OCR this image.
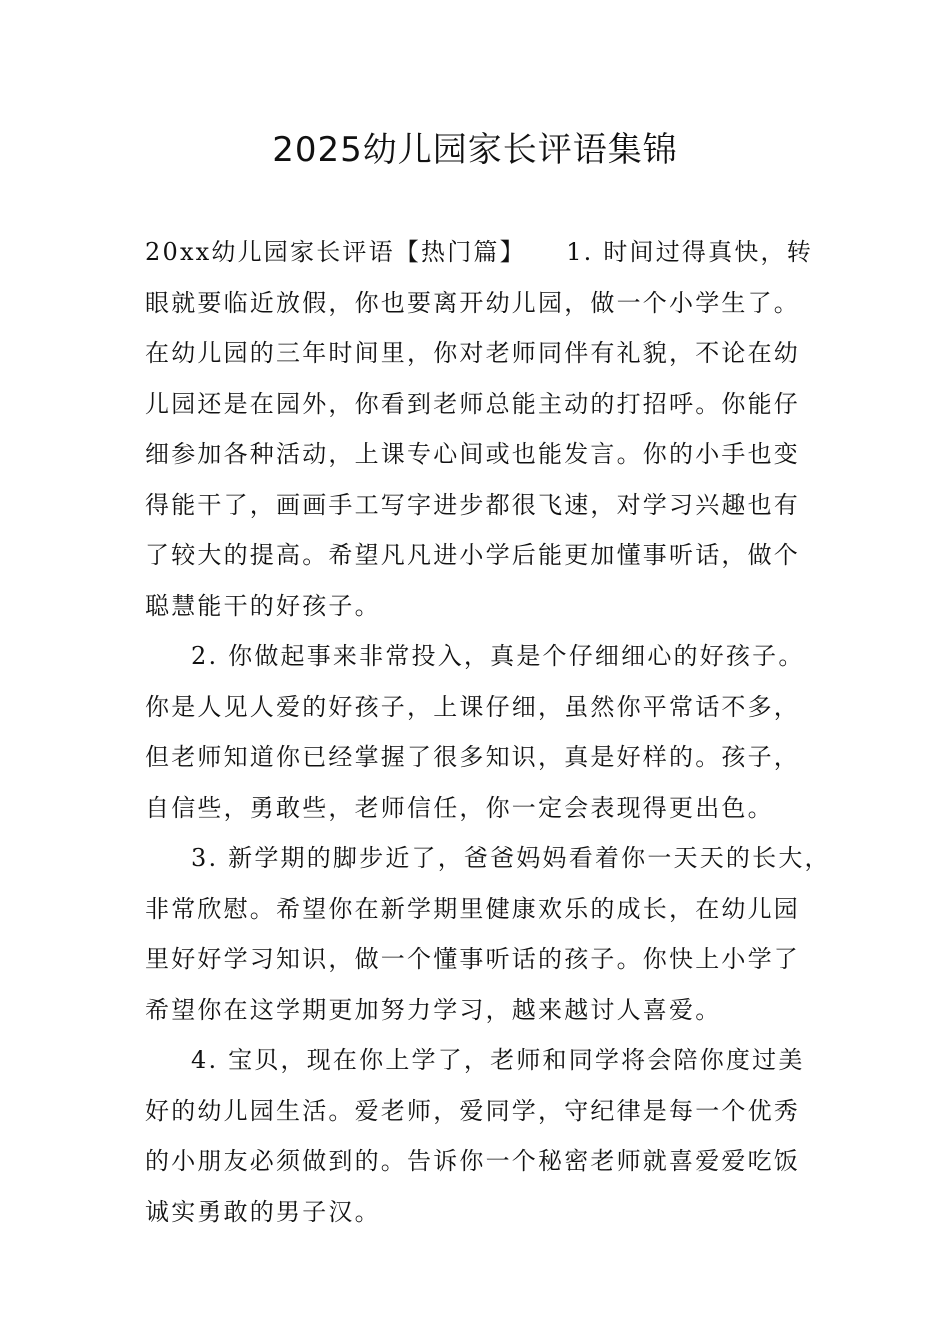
2025幼儿园家长评语集锦
20xx幼儿园家长评语【热门篇】　　1. 时间过得真快，转
眼就要临近放假，你也要离开幼儿园，做一个小学生了。
在幼儿园的三年时间里，你对老师同伴有礼貌，不论在幼
儿园还是在园外，你看到老师总能主动的打招呼。你能仔
细参加各种活动，上课专心间或也能发言。你的小手也变
得能干了，画画手工写字进步都很飞速，对学习兴趣也有
了较大的提高。希望凡凡进小学后能更加懂事听话，做个
聪慧能干的好孩子。
2. 你做起事来非常投入，真是个仔细细心的好孩子。
你是人见人爱的好孩子，上课仔细，虽然你平常话不多，
但老师知道你已经掌握了很多知识，真是好样的。孩子，
自信些，勇敢些，老师信任，你一定会表现得更出色。
3. 新学期的脚步近了，爸爸妈妈看着你一天天的长大，
非常欣慰。希望你在新学期里健康欢乐的成长，在幼儿园
里好好学习知识，做一个懂事听话的孩子。你快上小学了
希望你在这学期更加努力学习，越来越讨人喜爱。
4. 宝贝，现在你上学了，老师和同学将会陪你度过美
好的幼儿园生活。爱老师，爱同学，守纪律是每一个优秀
的小朋友必须做到的。告诉你一个秘密老师就喜爱爱吃饭
诚实勇敢的男子汉。
